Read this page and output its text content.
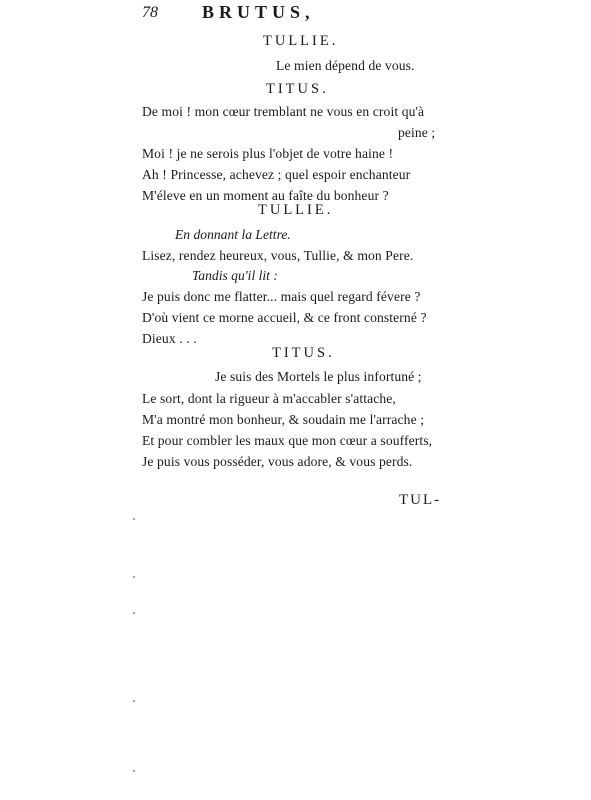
78 BRUTUS,
TULLIE.
Le mien dépend de vous.
TITUS.
De moi ! mon cœur tremblant ne vous en croit qu'à
peine ;
Moi ! je ne serois plus l'objet de votre haine !
Ah ! Princesse, achevez ; quel espoir enchanteur
M'éleve en un moment au faîte du bonheur ?
TULLIE.
En donnant la Lettre.
Lisez, rendez heureux, vous, Tullie, & mon Pere.
Tandis qu'il lit :
Je puis donc me flatter... mais quel regard févere ?
D'où vient ce morne accueil, & ce front consterné ?
Dieux . . .
TITUS.
Je suis des Mortels le plus infortuné ;
Le sort, dont la rigueur à m'accabler s'attache,
M'a montré mon bonheur, & soudain me l'arrache ;
Et pour combler les maux que mon cœur a soufferts,
Je puis vous posséder, vous adore, & vous perds.
TUL-
